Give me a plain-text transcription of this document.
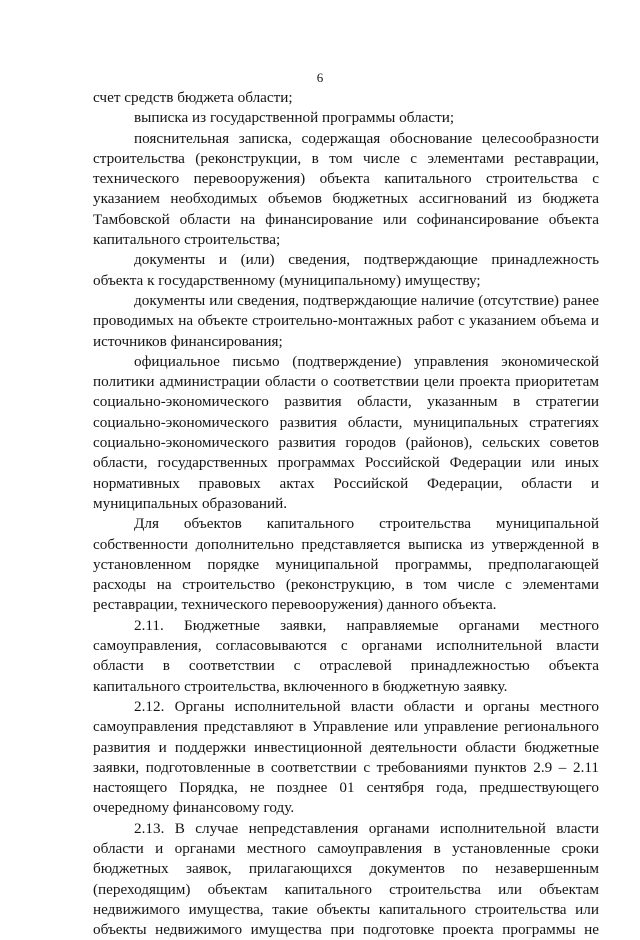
6

счет средств бюджета области;

выписка из государственной программы области;

пояснительная записка, содержащая обоснование целесообразности строительства (реконструкции, в том числе с элементами реставрации, технического перевооружения) объекта капитального строительства с указанием необходимых объемов бюджетных ассигнований из бюджета Тамбовской области на финансирование или софинансирование объекта капитального строительства;

документы и (или) сведения, подтверждающие принадлежность объекта к государственному (муниципальному) имуществу;

документы или сведения, подтверждающие наличие (отсутствие) ранее проводимых на объекте строительно-монтажных работ с указанием объема и источников финансирования;

официальное письмо (подтверждение) управления экономической политики администрации области о соответствии цели проекта приоритетам социально-экономического развития области, указанным в стратегии социально-экономического развития области, муниципальных стратегиях социально-экономического развития городов (районов), сельских советов области, государственных программах Российской Федерации или иных нормативных правовых актах Российской Федерации, области и муниципальных образований.

Для объектов капитального строительства муниципальной собственности дополнительно представляется выписка из утвержденной в установленном порядке муниципальной программы, предполагающей расходы на строительство (реконструкцию, в том числе с элементами реставрации, технического перевооружения) данного объекта.

2.11. Бюджетные заявки, направляемые органами местного самоуправления, согласовываются с органами исполнительной власти области в соответствии с отраслевой принадлежностью объекта капитального строительства, включенного в бюджетную заявку.

2.12. Органы исполнительной власти области и органы местного самоуправления представляют в Управление или управление регионального развития и поддержки инвестиционной деятельности области бюджетные заявки, подготовленные в соответствии с требованиями пунктов 2.9 – 2.11 настоящего Порядка, не позднее 01 сентября года, предшествующего очередному финансовому году.

2.13. В случае непредставления органами исполнительной власти области и органами местного самоуправления в установленные сроки бюджетных заявок, прилагающихся документов по незавершенным (переходящим) объектам капитального строительства или объектам недвижимого имущества, такие объекты капитального строительства или объекты недвижимого имущества при подготовке проекта программы не
